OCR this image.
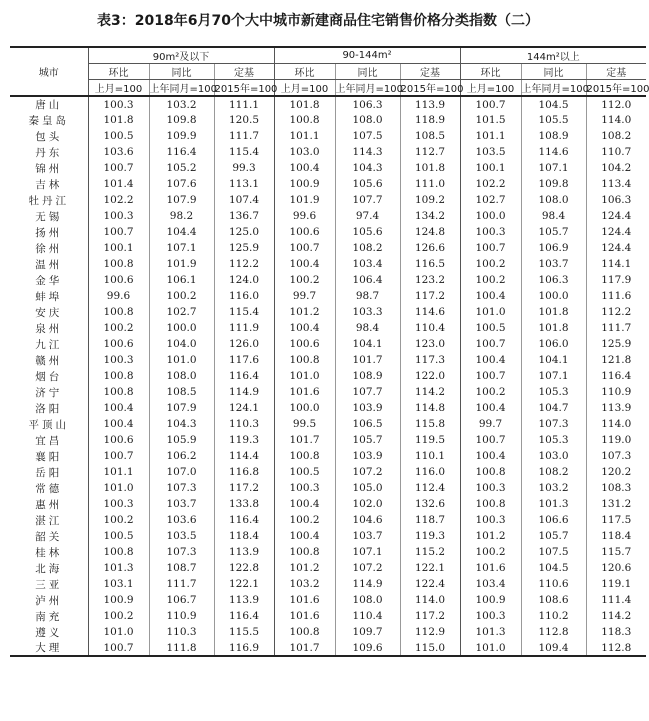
表3：2018年6月70个大中城市新建商品住宅销售价格分类指数（二）
城市	90m²及以下			90-144m²			144m²以上		
	环比	同比	定基	环比	同比	定基	环比	同比	定基
	上月=100	上年同月=100	2015年=100	上月=100	上年同月=100	2015年=100	上月=100	上年同月=100	2015年=100
唐山	100.3	103.2	111.1	101.8	106.3	113.9	100.7	104.5	112.0
秦皇岛	101.8	109.8	120.5	100.8	108.0	118.9	101.5	105.5	114.0
包头	100.5	109.9	111.7	101.1	107.5	108.5	101.1	108.9	108.2
丹东	103.6	116.4	115.4	103.0	114.3	112.7	103.5	114.6	110.7
锦州	100.7	105.2	99.3	100.4	104.3	101.8	100.1	107.1	104.2
吉林	101.4	107.6	113.1	100.9	105.6	111.0	102.2	109.8	113.4
牡丹江	102.2	107.9	107.4	101.9	107.7	109.2	102.7	108.0	106.3
无锡	100.3	98.2	136.7	99.6	97.4	134.2	100.0	98.4	124.4
扬州	100.7	104.4	125.0	100.6	105.6	124.8	100.3	105.7	124.4
徐州	100.1	107.1	125.9	100.7	108.2	126.6	100.7	106.9	124.4
温州	100.8	101.9	112.2	100.4	103.4	116.5	100.2	103.7	114.1
金华	100.6	106.1	124.0	100.2	106.4	123.2	100.2	106.3	117.9
蚌埠	99.6	100.2	116.0	99.7	98.7	117.2	100.4	100.0	111.6
安庆	100.8	102.7	115.4	101.2	103.3	114.6	101.0	101.8	112.2
泉州	100.2	100.0	111.9	100.4	98.4	110.4	100.5	101.8	111.7
九江	100.6	104.0	126.0	100.6	104.1	123.0	100.7	106.0	125.9
赣州	100.3	101.0	117.6	100.8	101.7	117.3	100.4	104.1	121.8
烟台	100.8	108.0	116.4	101.0	108.9	122.0	100.7	107.1	116.4
济宁	100.8	108.5	114.9	101.6	107.7	114.2	100.2	105.3	110.9
洛阳	100.4	107.9	124.1	100.0	103.9	114.8	100.4	104.7	113.9
平顶山	100.4	104.3	110.3	99.5	106.5	115.8	99.7	107.3	114.0
宜昌	100.6	105.9	119.3	101.7	105.7	119.5	100.7	105.3	119.0
襄阳	100.7	106.2	114.4	100.8	103.9	110.1	100.4	103.0	107.3
岳阳	101.1	107.0	116.8	100.5	107.2	116.0	100.8	108.2	120.2
常德	101.0	107.3	117.2	100.3	105.0	112.4	100.3	103.2	108.3
惠州	100.3	103.7	133.8	100.4	102.0	132.6	100.8	101.3	131.2
湛江	100.2	103.6	116.4	100.2	104.6	118.7	100.3	106.6	117.5
韶关	100.5	103.5	118.4	100.4	103.7	119.3	101.2	105.7	118.4
桂林	100.8	107.3	113.9	100.8	107.1	115.2	100.2	107.5	115.7
北海	101.3	108.7	122.8	101.2	107.2	122.1	101.6	104.5	120.6
三亚	103.1	111.7	122.1	103.2	114.9	122.4	103.4	110.6	119.1
泸州	100.9	106.7	113.9	101.6	108.0	114.0	100.9	108.6	111.4
南充	100.2	110.9	116.4	101.6	110.4	117.2	100.3	110.2	114.2
遵义	101.0	110.3	115.5	100.8	109.7	112.9	101.3	112.8	118.3
大理	100.7	111.8	116.9	101.7	109.6	115.0	101.0	109.4	112.8
